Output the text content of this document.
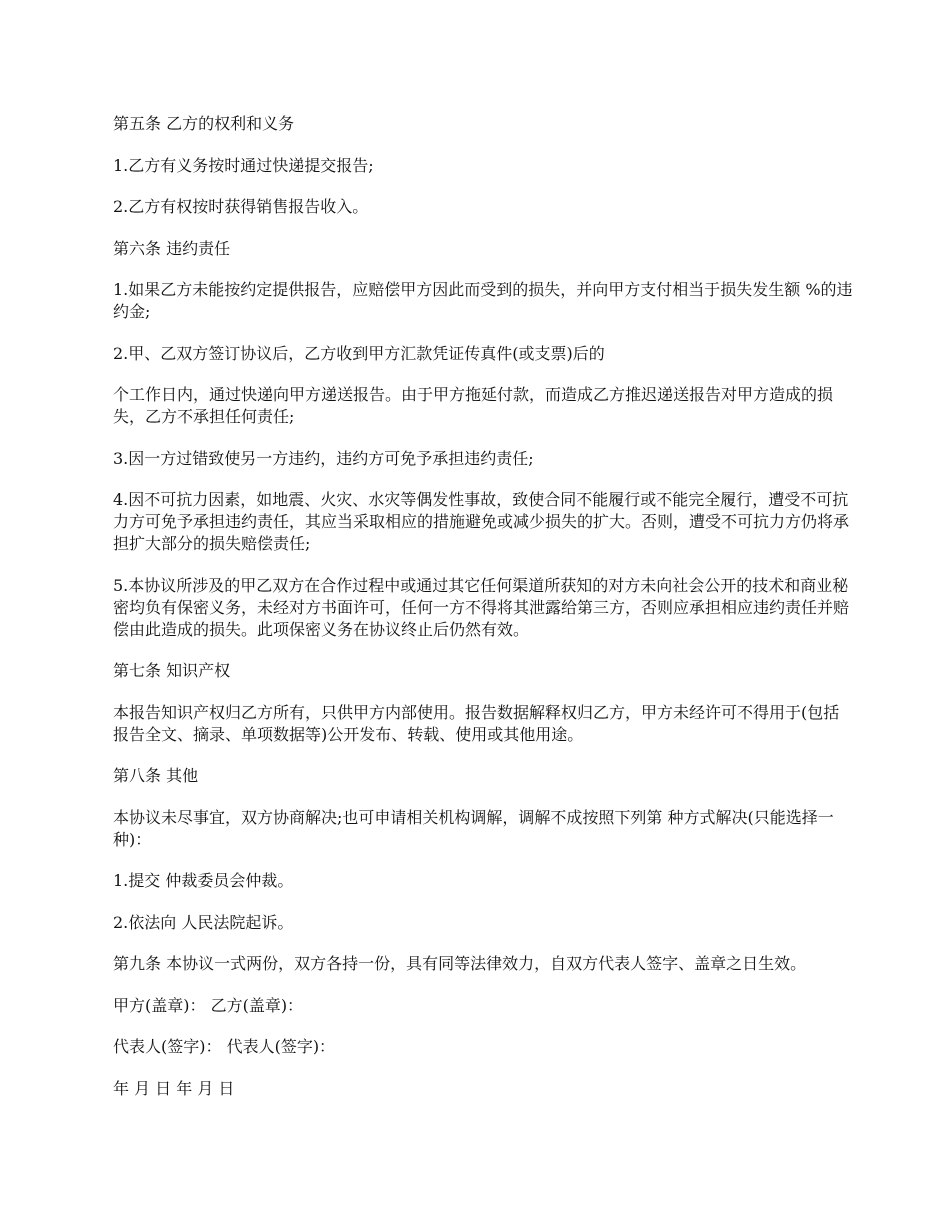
第五条 乙方的权利和义务

1.乙方有义务按时通过快递提交报告;

2.乙方有权按时获得销售报告收入。

第六条 违约责任

1.如果乙方未能按约定提供报告，应赔偿甲方因此而受到的损失，并向甲方支付相当于损失发生额 %的违约金;

2.甲、乙双方签订协议后，乙方收到甲方汇款凭证传真件(或支票)后的

个工作日内，通过快递向甲方递送报告。由于甲方拖延付款，而造成乙方推迟递送报告对甲方造成的损失，乙方不承担任何责任;

3.因一方过错致使另一方违约，违约方可免予承担违约责任;

4.因不可抗力因素，如地震、火灾、水灾等偶发性事故，致使合同不能履行或不能完全履行，遭受不可抗力方可免予承担违约责任，其应当采取相应的措施避免或减少损失的扩大。否则，遭受不可抗力方仍将承担扩大部分的损失赔偿责任;

5.本协议所涉及的甲乙双方在合作过程中或通过其它任何渠道所获知的对方未向社会公开的技术和商业秘密均负有保密义务，未经对方书面许可，任何一方不得将其泄露给第三方，否则应承担相应违约责任并赔偿由此造成的损失。此项保密义务在协议终止后仍然有效。

第七条 知识产权

本报告知识产权归乙方所有，只供甲方内部使用。报告数据解释权归乙方，甲方未经许可不得用于(包括报告全文、摘录、单项数据等)公开发布、转载、使用或其他用途。

第八条 其他

本协议未尽事宜，双方协商解决;也可申请相关机构调解，调解不成按照下列第 种方式解决(只能选择一种)：

1.提交 仲裁委员会仲裁。

2.依法向 人民法院起诉。

第九条 本协议一式两份，双方各持一份，具有同等法律效力，自双方代表人签字、盖章之日生效。

甲方(盖章)： 乙方(盖章)：

代表人(签字)： 代表人(签字)：

年 月 日 年 月 日
